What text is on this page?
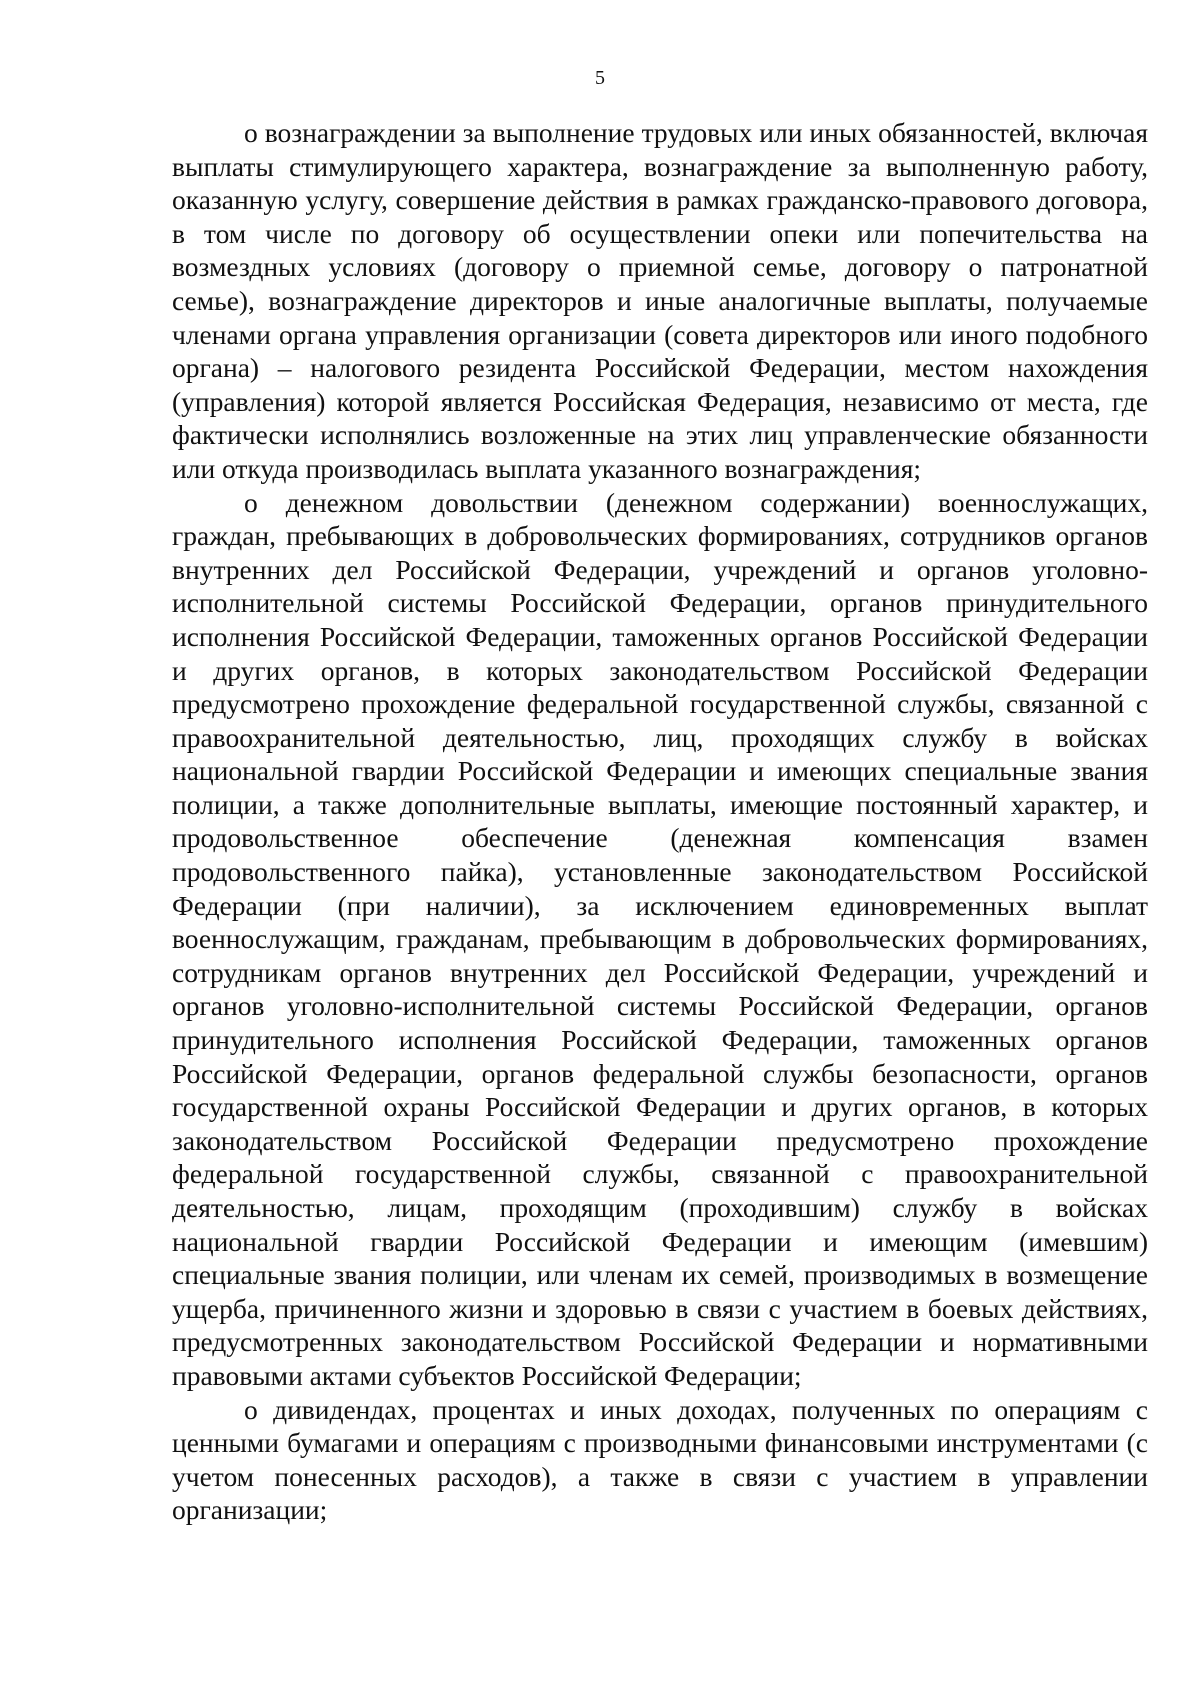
5

о вознаграждении за выполнение трудовых или иных обязанностей, включая выплаты стимулирующего характера, вознаграждение за выполненную работу, оказанную услугу, совершение действия в рамках гражданско-правового договора, в том числе по договору об осуществлении опеки или попечительства на возмездных условиях (договору о приемной семье, договору о патронатной семье), вознаграждение директоров и иные аналогичные выплаты, получаемые членами органа управления организации (совета директоров или иного подобного органа) – налогового резидента Российской Федерации, местом нахождения (управления) которой является Российская Федерация, независимо от места, где фактически исполнялись возложенные на этих лиц управленческие обязанности или откуда производилась выплата указанного вознаграждения;

о денежном довольствии (денежном содержании) военнослужащих, граждан, пребывающих в добровольческих формированиях, сотрудников органов внутренних дел Российской Федерации, учреждений и органов уголовно-исполнительной системы Российской Федерации, органов принудительного исполнения Российской Федерации, таможенных органов Российской Федерации и других органов, в которых законодательством Российской Федерации предусмотрено прохождение федеральной государственной службы, связанной с правоохранительной деятельностью, лиц, проходящих службу в войсках национальной гвардии Российской Федерации и имеющих специальные звания полиции, а также дополнительные выплаты, имеющие постоянный характер, и продовольственное обеспечение (денежная компенсация взамен продовольственного пайка), установленные законодательством Российской Федерации (при наличии), за исключением единовременных выплат военнослужащим, гражданам, пребывающим в добровольческих формированиях, сотрудникам органов внутренних дел Российской Федерации, учреждений и органов уголовно-исполнительной системы Российской Федерации, органов принудительного исполнения Российской Федерации, таможенных органов Российской Федерации, органов федеральной службы безопасности, органов государственной охраны Российской Федерации и других органов, в которых законодательством Российской Федерации предусмотрено прохождение федеральной государственной службы, связанной с правоохранительной деятельностью, лицам, проходящим (проходившим) службу в войсках национальной гвардии Российской Федерации и имеющим (имевшим) специальные звания полиции, или членам их семей, производимых в возмещение ущерба, причиненного жизни и здоровью в связи с участием в боевых действиях, предусмотренных законодательством Российской Федерации и нормативными правовыми актами субъектов Российской Федерации;

о дивидендах, процентах и иных доходах, полученных по операциям с ценными бумагами и операциям с производными финансовыми инструментами (с учетом понесенных расходов), а также в связи с участием в управлении организации;
